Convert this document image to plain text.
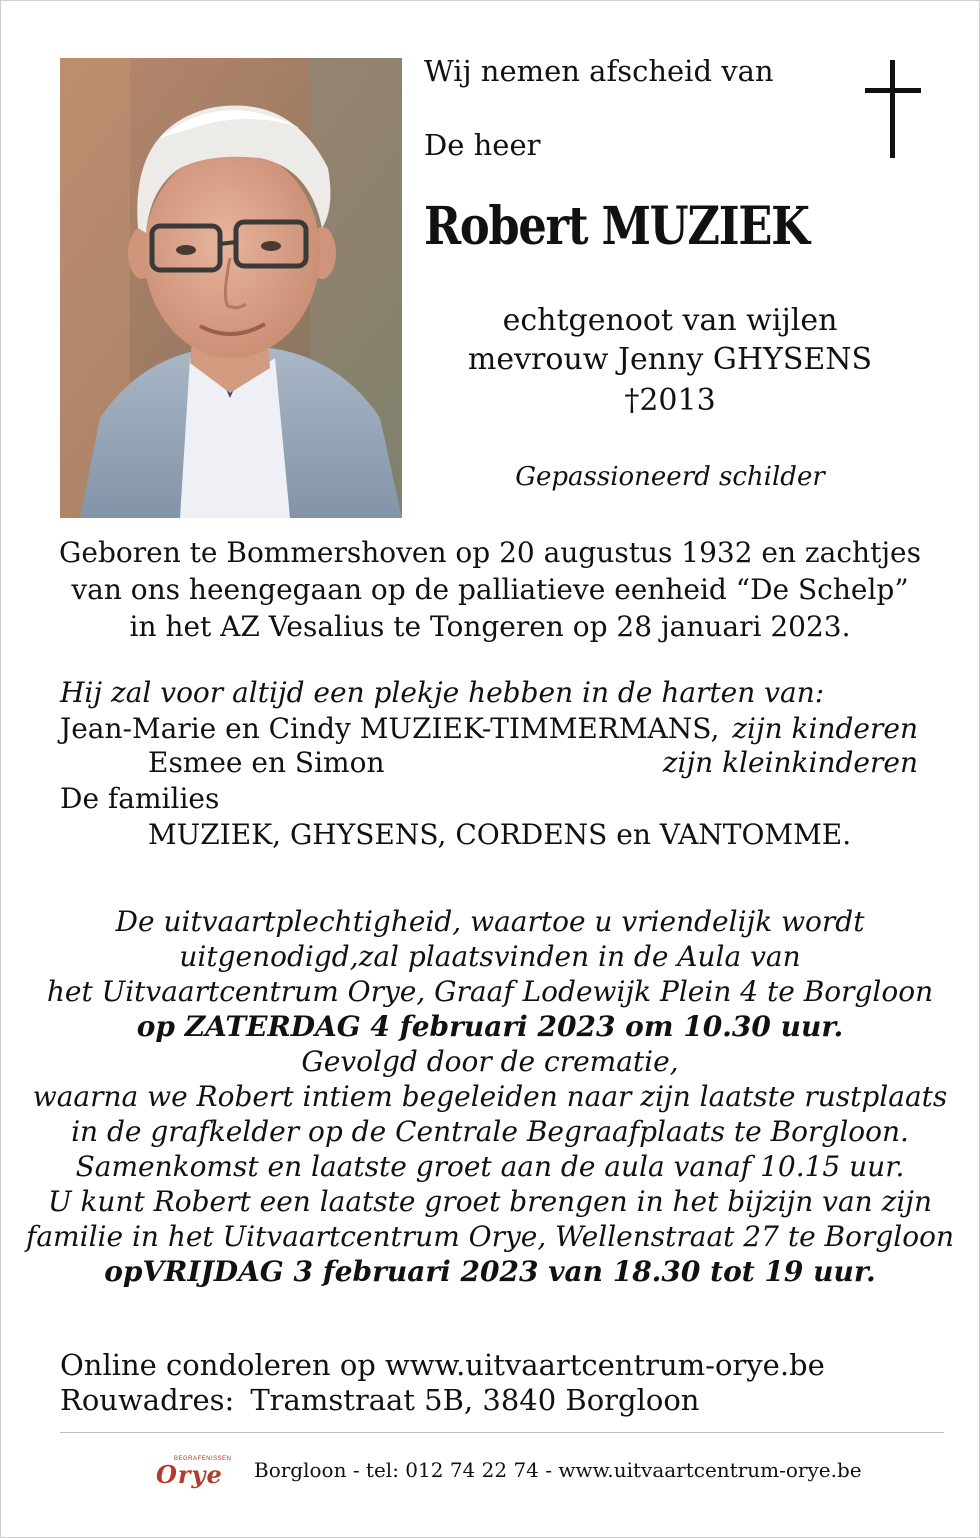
Wij nemen afscheid van
De heer
Robert MUZIEK
echtgenoot van wijlen
mevrouw Jenny GHYSENS
†2013
Gepassioneerd schilder
Geboren te Bommershoven op 20 augustus 1932 en zachtjes
van ons heengegaan op de palliatieve eenheid “De Schelp”
in het AZ Vesalius te Tongeren op 28 januari 2023.
Hij zal voor altijd een plekje hebben in de harten van:
Jean-Marie en Cindy MUZIEK-TIMMERMANS, zijn kinderen
Esmee en Simon	zijn kleinkinderen
De families
MUZIEK, GHYSENS, CORDENS en VANTOMME.
De uitvaartplechtigheid, waartoe u vriendelijk wordt
uitgenodigd,zal plaatsvinden in de Aula van
het Uitvaartcentrum Orye, Graaf Lodewijk Plein 4 te Borgloon
op ZATERDAG 4 februari 2023 om 10.30 uur.
Gevolgd door de crematie,
waarna we Robert intiem begeleiden naar zijn laatste rustplaats
in de grafkelder op de Centrale Begraafplaats te Borgloon.
Samenkomst en laatste groet aan de aula vanaf 10.15 uur.
U kunt Robert een laatste groet brengen in het bijzijn van zijn
familie in het Uitvaartcentrum Orye, Wellenstraat 27 te Borgloon
opVRIJDAG 3 februari 2023 van 18.30 tot 19 uur.
Online condoleren op www.uitvaartcentrum-orye.be
Rouwadres: Tramstraat 5B, 3840 Borgloon
BEGRAFENISSEN
Orye Borgloon - tel: 012 74 22 74 - www.uitvaartcentrum-orye.be
